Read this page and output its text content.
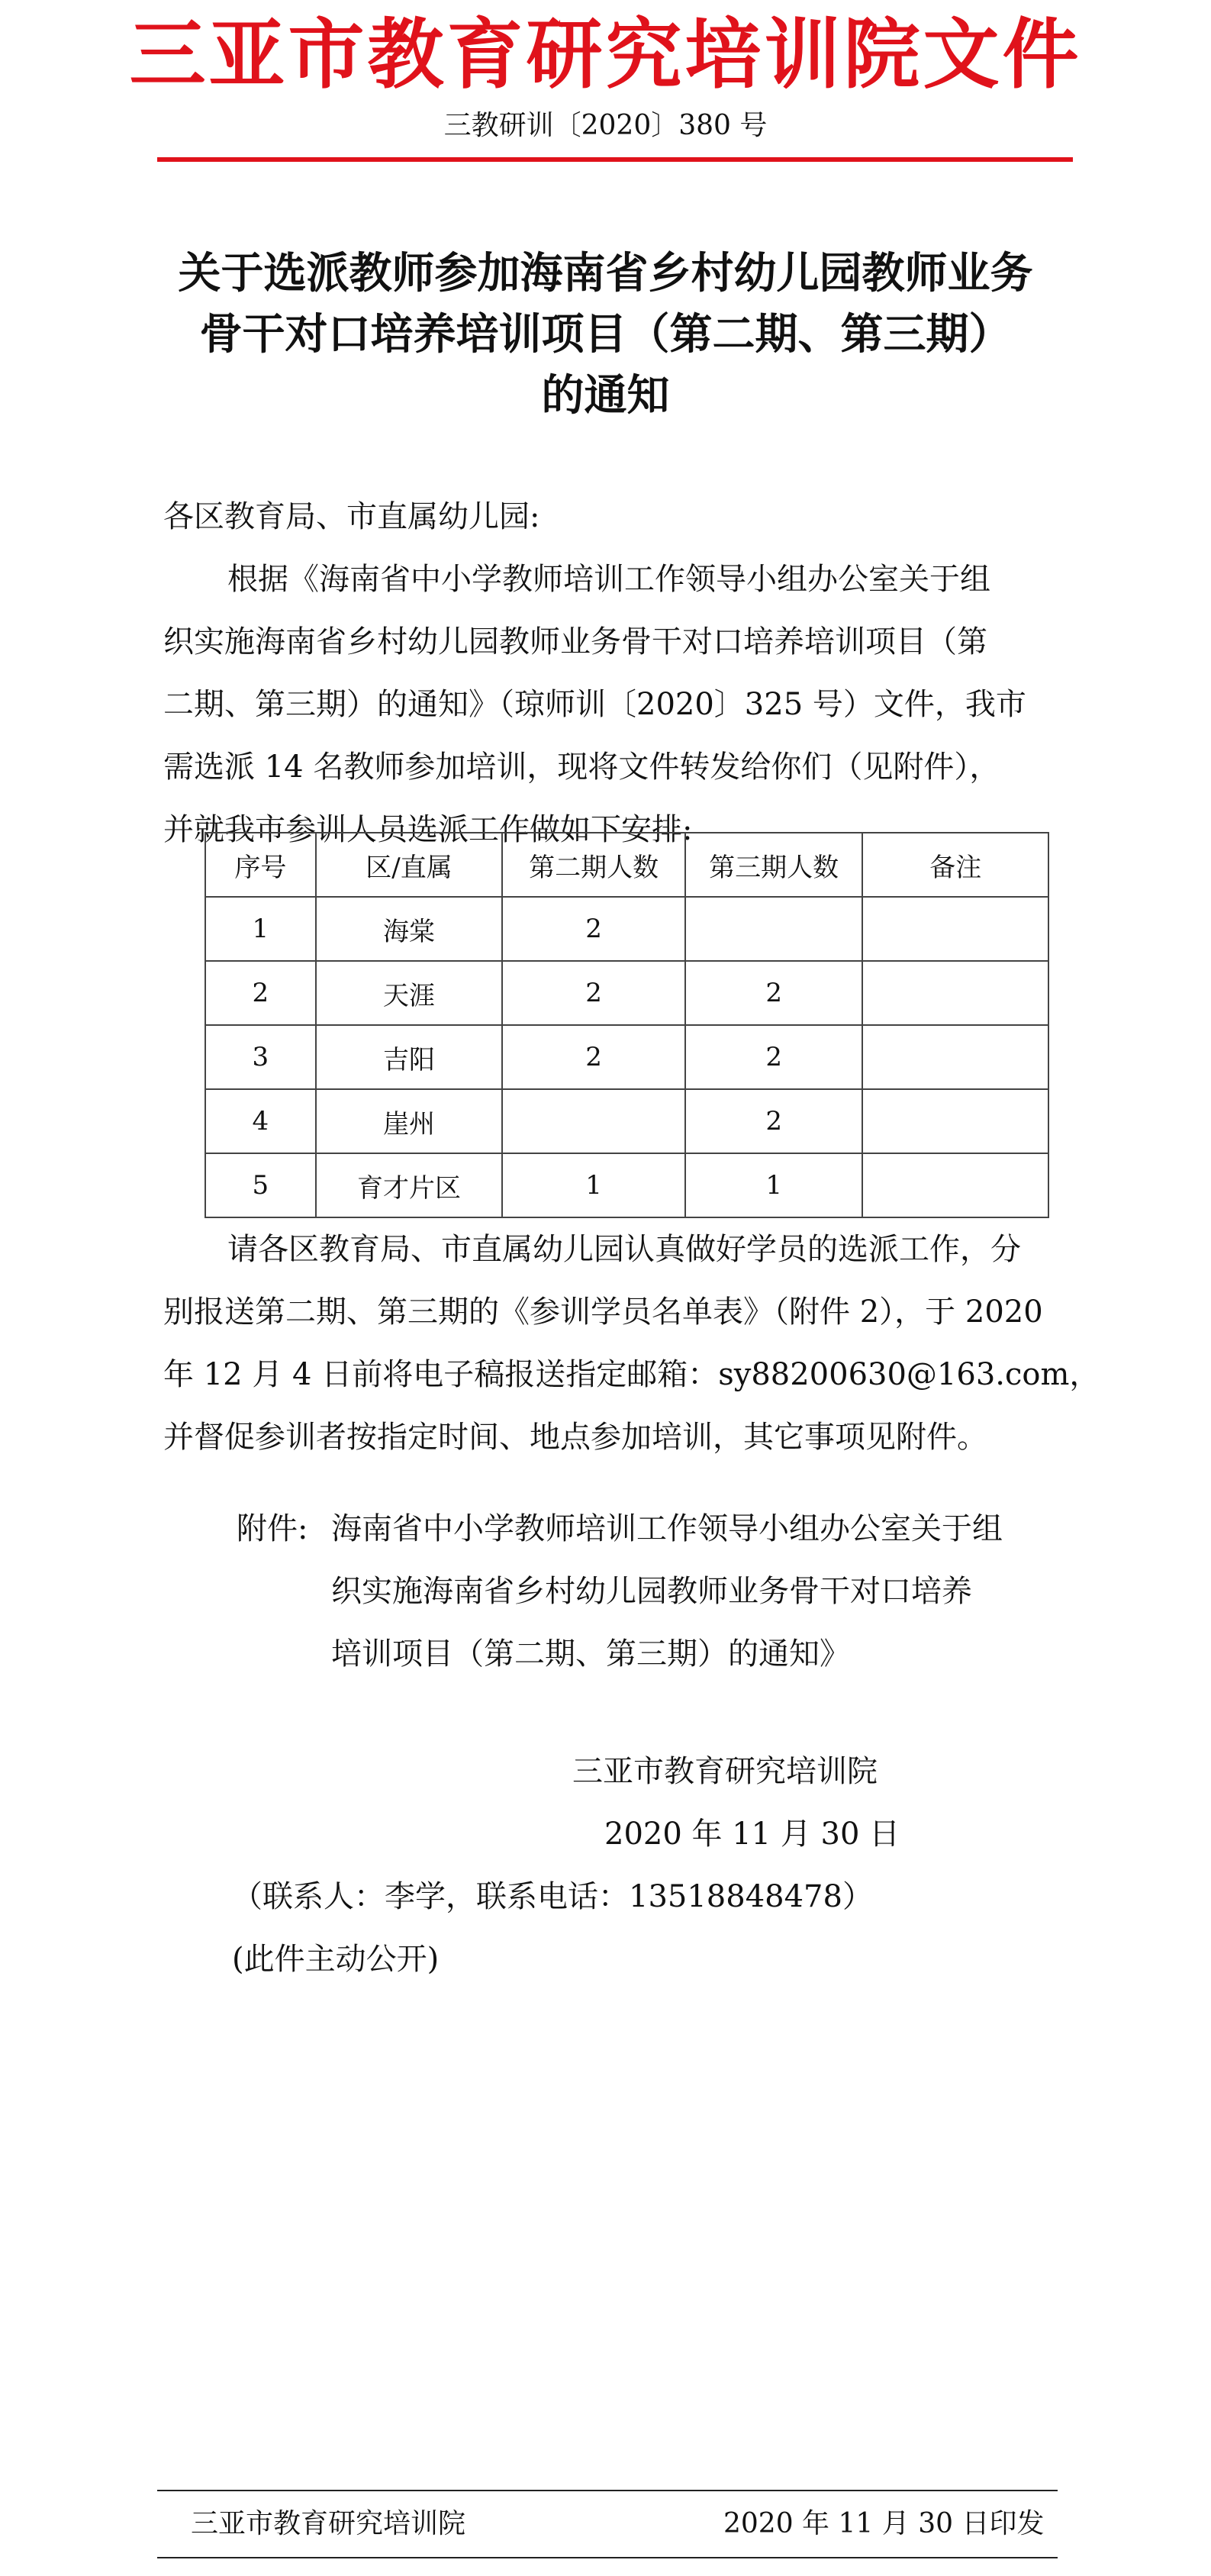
三亚市教育研究培训院文件
三教研训〔2020〕380 号
关于选派教师参加海南省乡村幼儿园教师业务
骨干对口培养培训项目（第二期、第三期）
的通知
各区教育局、市直属幼儿园:
根据《海南省中小学教师培训工作领导小组办公室关于组
织实施海南省乡村幼儿园教师业务骨干对口培养培训项目（第
二期、第三期）的通知》（琼师训〔2020〕325 号）文件，我市
需选派 14 名教师参加培训，现将文件转发给你们（见附件），
并就我市参训人员选派工作做如下安排:
序号	区/直属	第二期人数	第三期人数	备注
1	海棠	2		
2	天涯	2	2	
3	吉阳	2	2	
4	崖州		2	
5	育才片区	1	1	
请各区教育局、市直属幼儿园认真做好学员的选派工作，分
别报送第二期、第三期的《参训学员名单表》（附件 2），于 2020
年 12 月 4 日前将电子稿报送指定邮箱：sy88200630@163.com，
并督促参训者按指定时间、地点参加培训，其它事项见附件。
附件: 海南省中小学教师培训工作领导小组办公室关于组
织实施海南省乡村幼儿园教师业务骨干对口培养
培训项目（第二期、第三期）的通知》
三亚市教育研究培训院
2020 年 11 月 30 日
（联系人：李学，联系电话：13518848478）
(此件主动公开)
三亚市教育研究培训院	2020 年 11 月 30 日印发
